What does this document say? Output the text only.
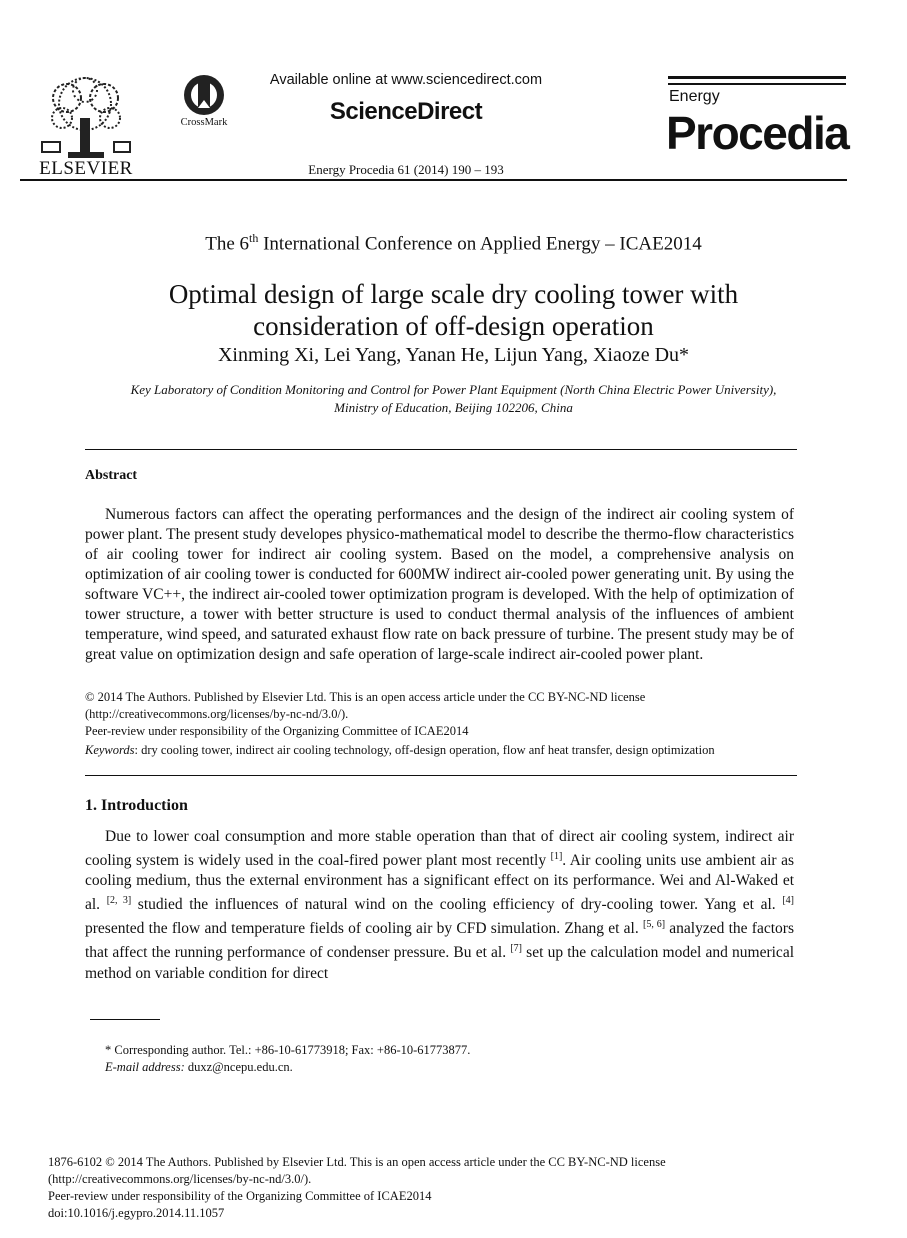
ELSEVIER
CrossMark
Available online at www.sciencedirect.com
ScienceDirect
Energy Procedia 61 (2014) 190 – 193
Energy
Procedia
The 6th International Conference on Applied Energy – ICAE2014
Optimal design of large scale dry cooling tower with
consideration of off-design operation
Xinming Xi, Lei Yang, Yanan He, Lijun Yang, Xiaoze Du*
Key Laboratory of Condition Monitoring and Control for Power Plant Equipment (North China Electric Power University),
Ministry of Education, Beijing 102206, China
Abstract
Numerous factors can affect the operating performances and the design of the indirect air cooling system of power plant. The present study developes physico-mathematical model to describe the thermo-flow characteristics of air cooling tower for indirect air cooling system. Based on the model, a comprehensive analysis on optimization of air cooling tower is conducted for 600MW indirect air-cooled power generating unit. By using the software VC++, the indirect air-cooled tower optimization program is developed. With the help of optimization of tower structure, a tower with better structure is used to conduct thermal analysis of the influences of ambient temperature, wind speed, and saturated exhaust flow rate on back pressure of turbine. The present study may be of great value on optimization design and safe operation of large-scale indirect air-cooled power plant.
© 2014 The Authors. Published by Elsevier Ltd. This is an open access article under the CC BY-NC-ND license
(http://creativecommons.org/licenses/by-nc-nd/3.0/).
Peer-review under responsibility of the Organizing Committee of ICAE2014
Keywords: dry cooling tower, indirect air cooling technology, off-design operation, flow anf heat transfer, design optimization
1. Introduction
Due to lower coal consumption and more stable operation than that of direct air cooling system, indirect air cooling system is widely used in the coal-fired power plant most recently [1]. Air cooling units use ambient air as cooling medium, thus the external environment has a significant effect on its performance. Wei and Al-Waked et al. [2, 3] studied the influences of natural wind on the cooling efficiency of dry-cooling tower. Yang et al. [4] presented the flow and temperature fields of cooling air by CFD simulation. Zhang et al. [5, 6] analyzed the factors that affect the running performance of condenser pressure. Bu et al. [7] set up the calculation model and numerical method on variable condition for direct
* Corresponding author. Tel.: +86-10-61773918; Fax: +86-10-61773877.
E-mail address: duxz@ncepu.edu.cn.
1876-6102 © 2014 The Authors. Published by Elsevier Ltd. This is an open access article under the CC BY-NC-ND license
(http://creativecommons.org/licenses/by-nc-nd/3.0/).
Peer-review under responsibility of the Organizing Committee of ICAE2014
doi:10.1016/j.egypro.2014.11.1057
